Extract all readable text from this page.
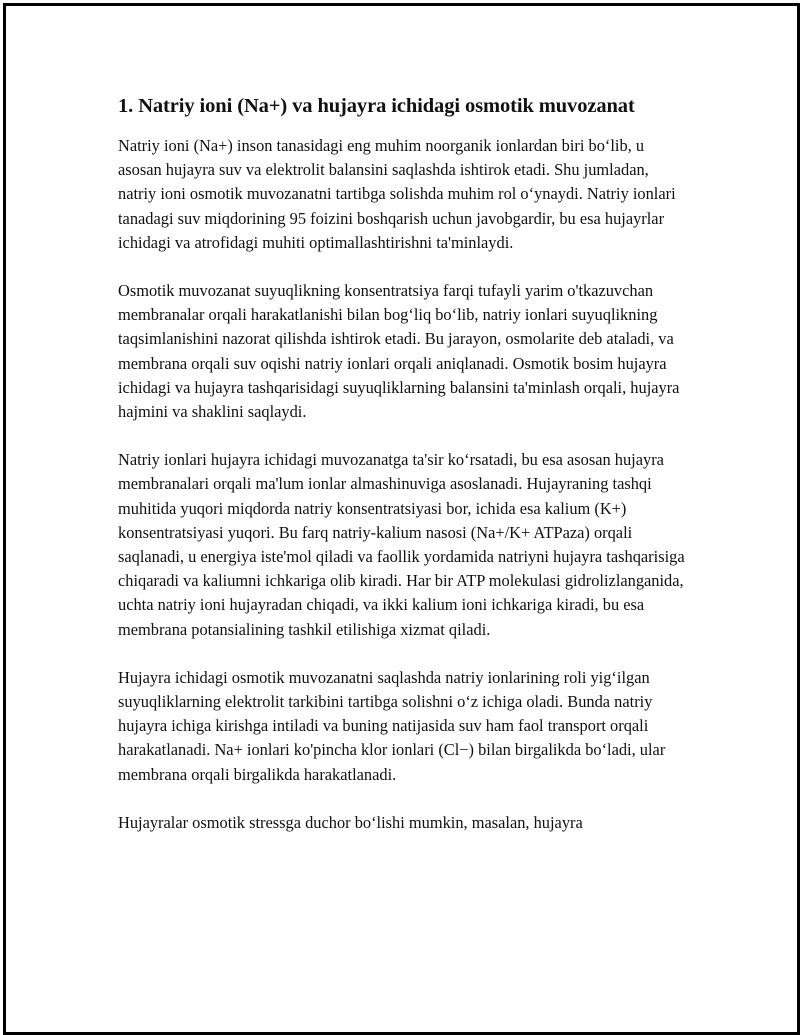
1. Natriy ioni (Na+) va hujayra ichidagi osmotik muvozanat

Natriy ioni (Na+) inson tanasidagi eng muhim noorganik ionlardan biri bo‘lib, u asosan hujayra suv va elektrolit balansini saqlashda ishtirok etadi. Shu jumladan, natriy ioni osmotik muvozanatni tartibga solishda muhim rol o‘ynaydi. Natriy ionlari tanadagi suv miqdorining 95 foizini boshqarish uchun javobgardir, bu esa hujayrlar ichidagi va atrofidagi muhiti optimallashtirishni ta'minlaydi.

Osmotik muvozanat suyuqlikning konsentratsiya farqi tufayli yarim o'tkazuvchan membranalar orqali harakatlanishi bilan bog‘liq bo‘lib, natriy ionlari suyuqlikning taqsimlanishini nazorat qilishda ishtirok etadi. Bu jarayon, osmolarite deb ataladi, va membrana orqali suv oqishi natriy ionlari orqali aniqlanadi. Osmotik bosim hujayra ichidagi va hujayra tashqarisidagi suyuqliklarning balansini ta'minlash orqali, hujayra hajmini va shaklini saqlaydi.

Natriy ionlari hujayra ichidagi muvozanatga ta'sir ko‘rsatadi, bu esa asosan hujayra membranalari orqali ma'lum ionlar almashinuviga asoslanadi. Hujayraning tashqi muhitida yuqori miqdorda natriy konsentratsiyasi bor, ichida esa kalium (K+) konsentratsiyasi yuqori. Bu farq natriy-kalium nasosi (Na+/K+ ATPaza) orqali saqlanadi, u energiya iste'mol qiladi va faollik yordamida natriyni hujayra tashqarisiga chiqaradi va kaliumni ichkariga olib kiradi. Har bir ATP molekulasi gidrolizlanganida, uchta natriy ioni hujayradan chiqadi, va ikki kalium ioni ichkariga kiradi, bu esa membrana potansialining tashkil etilishiga xizmat qiladi.

Hujayra ichidagi osmotik muvozanatni saqlashda natriy ionlarining roli yig‘ilgan suyuqliklarning elektrolit tarkibini tartibga solishni o‘z ichiga oladi. Bunda natriy hujayra ichiga kirishga intiladi va buning natijasida suv ham faol transport orqali harakatlanadi. Na+ ionlari ko'pincha klor ionlari (Cl−) bilan birgalikda bo‘ladi, ular membrana orqali birgalikda harakatlanadi.

Hujayralar osmotik stressga duchor bo‘lishi mumkin, masalan, hujayra
